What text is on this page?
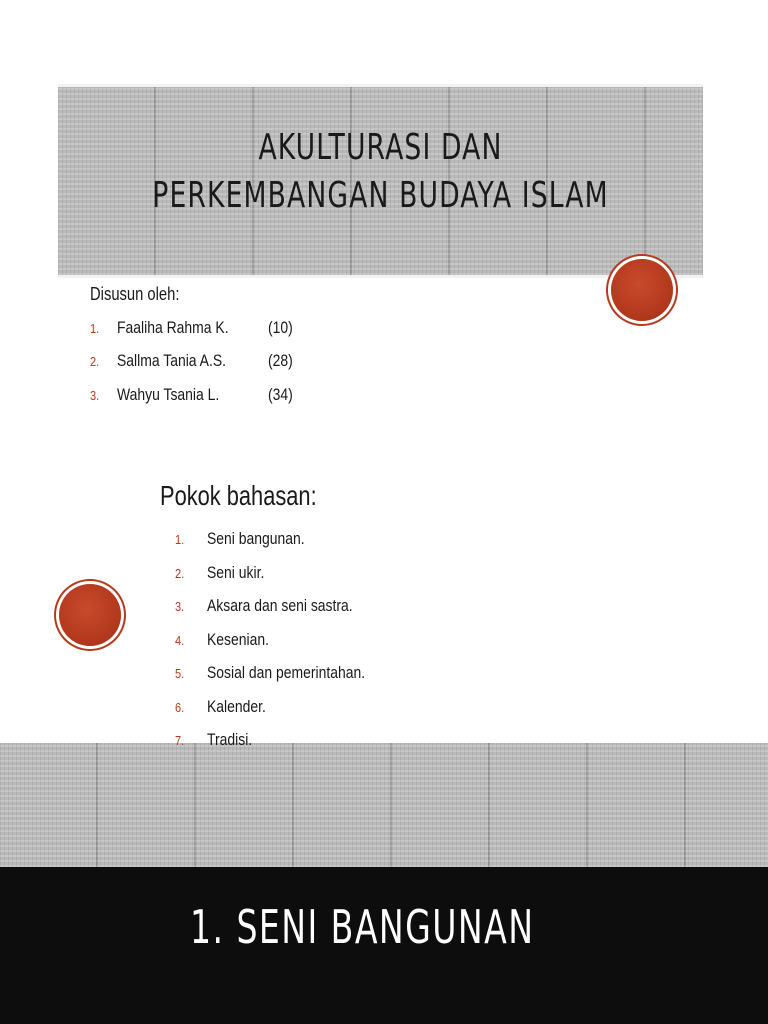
AKULTURASI DAN
PERKEMBANGAN BUDAYA ISLAM
Disusun oleh:
1. Faaliha Rahma K. (10)
2. Sallma Tania A.S. (28)
3. Wahyu Tsania L.	(34)
Pokok bahasan:
1. Seni bangunan.
2. Seni ukir.
3. Aksara dan seni sastra.
4. Kesenian.
5. Sosial dan pemerintahan.
6. Kalender.
7. Tradisi.
1. SENI BANGUNAN
